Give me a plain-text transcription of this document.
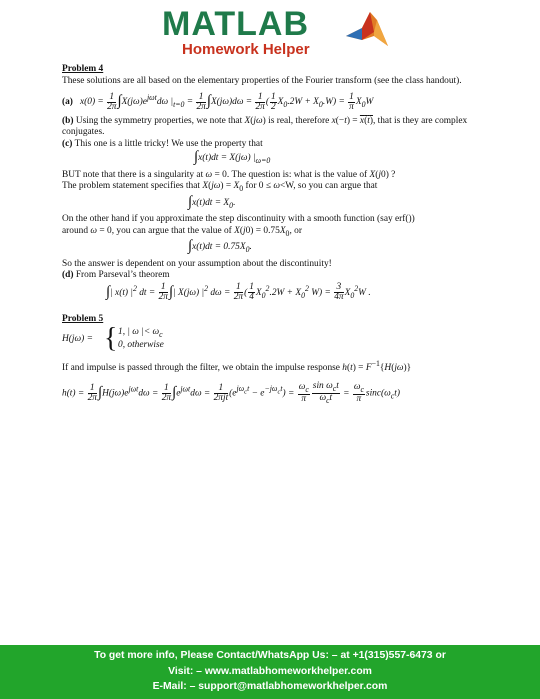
MATLAB
Homework Helper

Problem 4

These solutions are all based on the elementary properties of the Fourier transform (see the class handout).

(a)   $x(0) = \frac{1}{2\pi} \int X(j\omega)e^{j\omega t}d\omega$ $|_{t=0} = \frac{1}{2\pi} \int X(j\omega)d\omega = \frac{1}{2\pi}$ ( $\frac{1}{2} X_0.2W + X_0.W) = \frac{1}{\pi} X_0W$

(b) Using the symmetry properties, we note that X(jω) is real, therefore x(−t) = x(t), that is they are complex conjugates.

(c) This one is a little tricky! We use the property that

∫x(t)dt = X(jω) $|_{\omega=0}$

BUT note that there is a singularity at ω = 0. The question is: what is the value of X(j0) ?

The problem statement specifies that $X(j\omega) = X_0$ for 0 ≤ ω<W, so you can argue that

$\int x(t)dt = X_0$.

On the other hand if you approximate the step discontinuity with a smooth function (say erf())

around ω = 0, you can argue that the value of $X(j0) = 0.75X_0$, or

$\int x(t)dt = 0.75X_0$.

So the answer is dependent on your assumption about the discontinuity!

(d) From Parseval’s theorem

∫| x(t) $|^2$ dt = $\frac{1}{2\pi}$ ∫| X(jω) $|^2$ $d\omega = \frac{1}{2\pi}$ ( $\frac{1}{4} X_0^2.2W + X_0^2$ $W) = \frac{3}{4\pi} X_0^2W$ .

Problem 5

H(jω) = { 1, | ω |< $\omega_c$
0, otherwise

If and impulse is passed through the filter, we obtain the impulse response $h(t) = F^{-1}\{H(j\omega)\}$

$h(t) = \frac{1}{2\pi} \int H(j\omega)e^{j\omega t}d\omega = \frac{1}{2\pi} \int e^{j\omega t}d\omega = \frac{1}{\text{2πjt}} (e^{j\omega_ct} - e^{-j\omega_ct}) = \frac{\omega_c}{\pi} \frac{\sin \omega_ct}{\omega_ct} = \frac{\omega_c}{\pi} \sin c(\omega_ct)$

To get more info, Please Contact/WhatsApp Us: – at +1(315)557-6473 or
Visit: – www.matlabhomeworkhelper.com
E-Mail: – support@matlabhomeworkhelper.com
